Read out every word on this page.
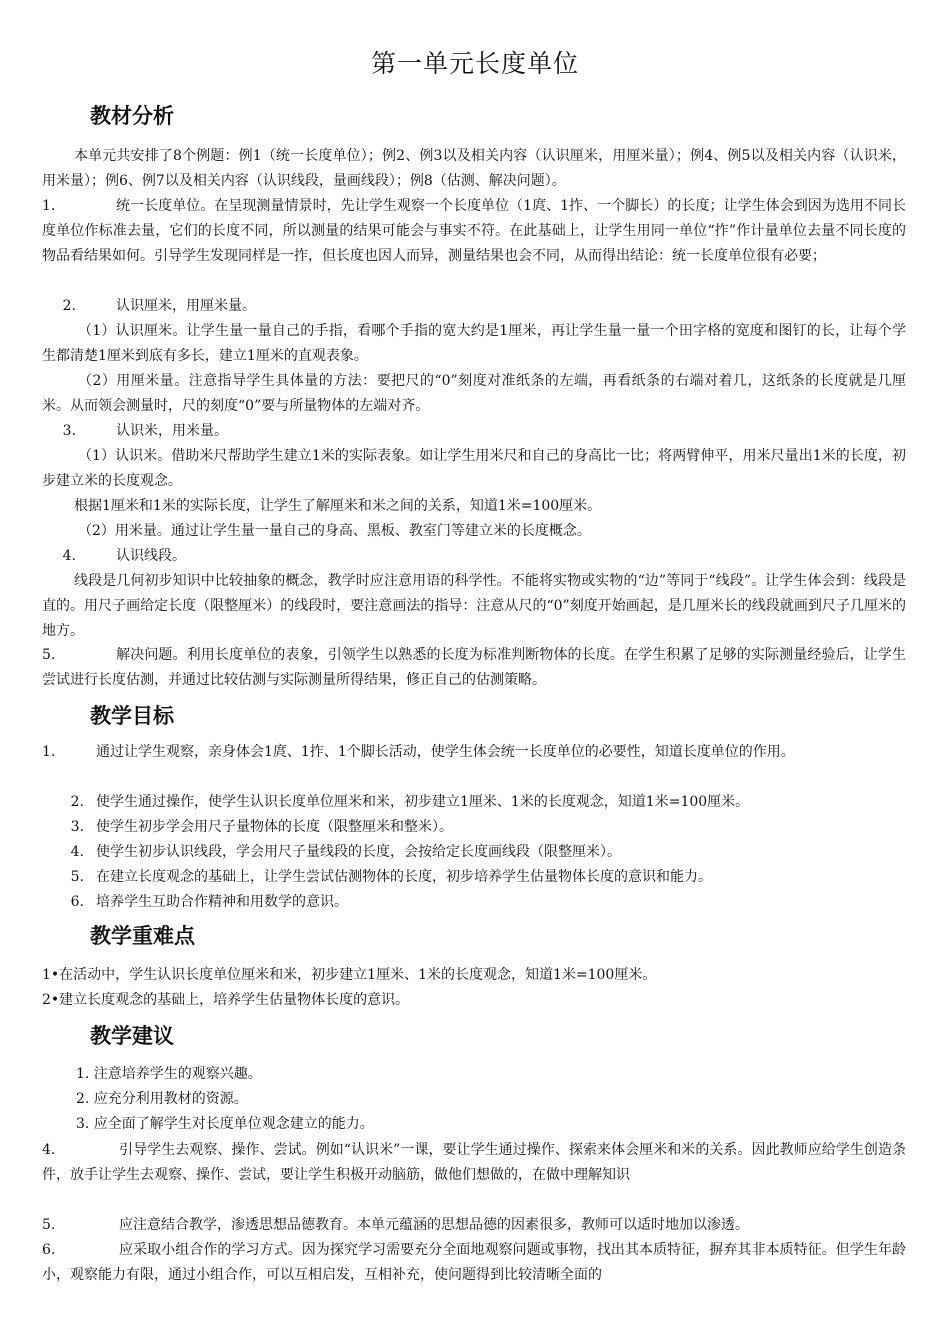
第一单元长度单位
教材分析
本单元共安排了8个例题：例1（统一长度单位）；例2、例3以及相关内容（认识厘米，用厘米量）；例4、例5以及相关内容（认识米，用米量）；例6、例7以及相关内容（认识线段，量画线段）；例8（估测、解决问题）。
1.	统一长度单位。在呈现测量情景时，先让学生观察一个长度单位（1庹、1拃、一个脚长）的长度；让学生体会到因为选用不同长度单位作标准去量，它们的长度不同，所以测量的结果可能会与事实不符。在此基础上，让学生用同一单位“拃”作计量单位去量不同长度的物品看结果如何。引导学生发现同样是一拃，但长度也因人而异，测量结果也会不同，从而得出结论：统一长度单位很有必要；
2.	认识厘米，用厘米量。
（1）认识厘米。让学生量一量自己的手指，看哪个手指的宽大约是1厘米，再让学生量一量一个田字格的宽度和图钉的长，让每个学生都清楚1厘米到底有多长，建立1厘米的直观表象。
（2）用厘米量。注意指导学生具体量的方法：要把尺的“0”刻度对准纸条的左端，再看纸条的右端对着几，这纸条的长度就是几厘米。从而领会测量时，尺的刻度“0”要与所量物体的左端对齐。
3.	认识米，用米量。
（1）认识米。借助米尺帮助学生建立1米的实际表象。如让学生用米尺和自己的身高比一比；将两臂伸平，用米尺量出1米的长度，初步建立米的长度观念。
根据1厘米和1米的实际长度，让学生了解厘米和米之间的关系，知道1米=100厘米。
（2）用米量。通过让学生量一量自己的身高、黑板、教室门等建立米的长度概念。
4.	认识线段。
线段是几何初步知识中比较抽象的概念，教学时应注意用语的科学性。不能将实物或实物的“边”等同于“线段”。让学生体会到：线段是直的。用尺子画给定长度（限整厘米）的线段时，要注意画法的指导：注意从尺的“0”刻度开始画起，是几厘米长的线段就画到尺子几厘米的地方。
5.	解决问题。利用长度单位的表象，引领学生以熟悉的长度为标准判断物体的长度。在学生积累了足够的实际测量经验后，让学生尝试进行长度估测，并通过比较估测与实际测量所得结果，修正自己的估测策略。
教学目标
1.	通过让学生观察，亲身体会1庹、1拃、1个脚长活动，使学生体会统一长度单位的必要性，知道长度单位的作用。
2. 使学生通过操作，使学生认识长度单位厘米和米，初步建立1厘米、1米的长度观念，知道1米=100厘米。
3. 使学生初步学会用尺子量物体的长度（限整厘米和整米）。
4. 使学生初步认识线段，学会用尺子量线段的长度，会按给定长度画线段（限整厘米）。
5. 在建立长度观念的基础上，让学生尝试估测物体的长度，初步培养学生估量物体长度的意识和能力。
6. 培养学生互助合作精神和用数学的意识。
教学重难点
1•在活动中，学生认识长度单位厘米和米，初步建立1厘米、1米的长度观念，知道1米=100厘米。
2•建立长度观念的基础上，培养学生估量物体长度的意识。
教学建议
1. 注意培养学生的观察兴趣。
2. 应充分利用教材的资源。
3. 应全面了解学生对长度单位观念建立的能力。
4.	引导学生去观察、操作、尝试。例如“认识米”一课，要让学生通过操作、探索来体会厘米和米的关系。因此教师应给学生创造条件，放手让学生去观察、操作、尝试，要让学生积极开动脑筋，做他们想做的，在做中理解知识
5.	应注意结合教学，渗透思想品德教育。本单元蕴涵的思想品德的因素很多，教师可以适时地加以渗透。
6.	应采取小组合作的学习方式。因为探究学习需要充分全面地观察问题或事物，找出其本质特征，摒弃其非本质特征。但学生年龄小，观察能力有限，通过小组合作，可以互相启发，互相补充，使问题得到比较清晰全面的
